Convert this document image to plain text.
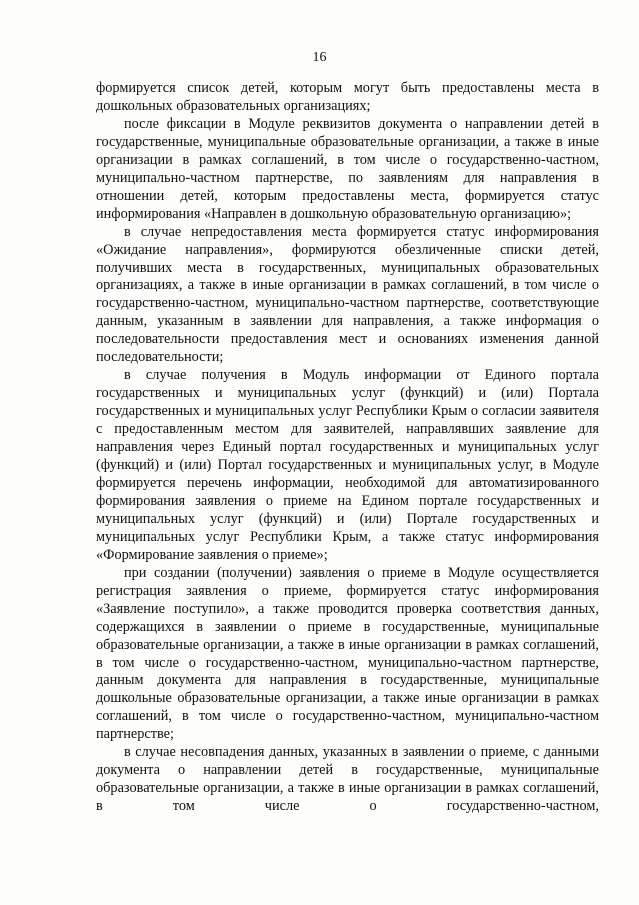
16

формируется список детей, которым могут быть предоставлены места в дошкольных образовательных организациях;

после фиксации в Модуле реквизитов документа о направлении детей в государственные, муниципальные образовательные организации, а также в иные организации в рамках соглашений, в том числе о государственно-частном, муниципально-частном партнерстве, по заявлениям для направления в отношении детей, которым предоставлены места, формируется статус информирования «Направлен в дошкольную образовательную организацию»;

в случае непредоставления места формируется статус информирования «Ожидание направления», формируются обезличенные списки детей, получивших места в государственных, муниципальных образовательных организациях, а также в иные организации в рамках соглашений, в том числе о государственно-частном, муниципально-частном партнерстве, соответствующие данным, указанным в заявлении для направления, а также информация о последовательности предоставления мест и основаниях изменения данной последовательности;

в случае получения в Модуль информации от Единого портала государственных и муниципальных услуг (функций) и (или) Портала государственных и муниципальных услуг Республики Крым о согласии заявителя с предоставленным местом для заявителей, направлявших заявление для направления через Единый портал государственных и муниципальных услуг (функций) и (или) Портал государственных и муниципальных услуг, в Модуле формируется перечень информации, необходимой для автоматизированного формирования заявления о приеме на Едином портале государственных и муниципальных услуг (функций) и (или) Портале государственных и муниципальных услуг Республики Крым, а также статус информирования «Формирование заявления о приеме»;

при создании (получении) заявления о приеме в Модуле осуществляется регистрация заявления о приеме, формируется статус информирования «Заявление поступило», а также проводится проверка соответствия данных, содержащихся в заявлении о приеме в государственные, муниципальные образовательные организации, а также в иные организации в рамках соглашений, в том числе о государственно-частном, муниципально-частном партнерстве, данным документа для направления в государственные, муниципальные дошкольные образовательные организации, а также иные организации в рамках соглашений, в том числе о государственно-частном, муниципально-частном партнерстве;

в случае несовпадения данных, указанных в заявлении о приеме, с данными документа о направлении детей в государственные, муниципальные образовательные организации, а также в иные организации в рамках соглашений, в том числе о государственно-частном,
